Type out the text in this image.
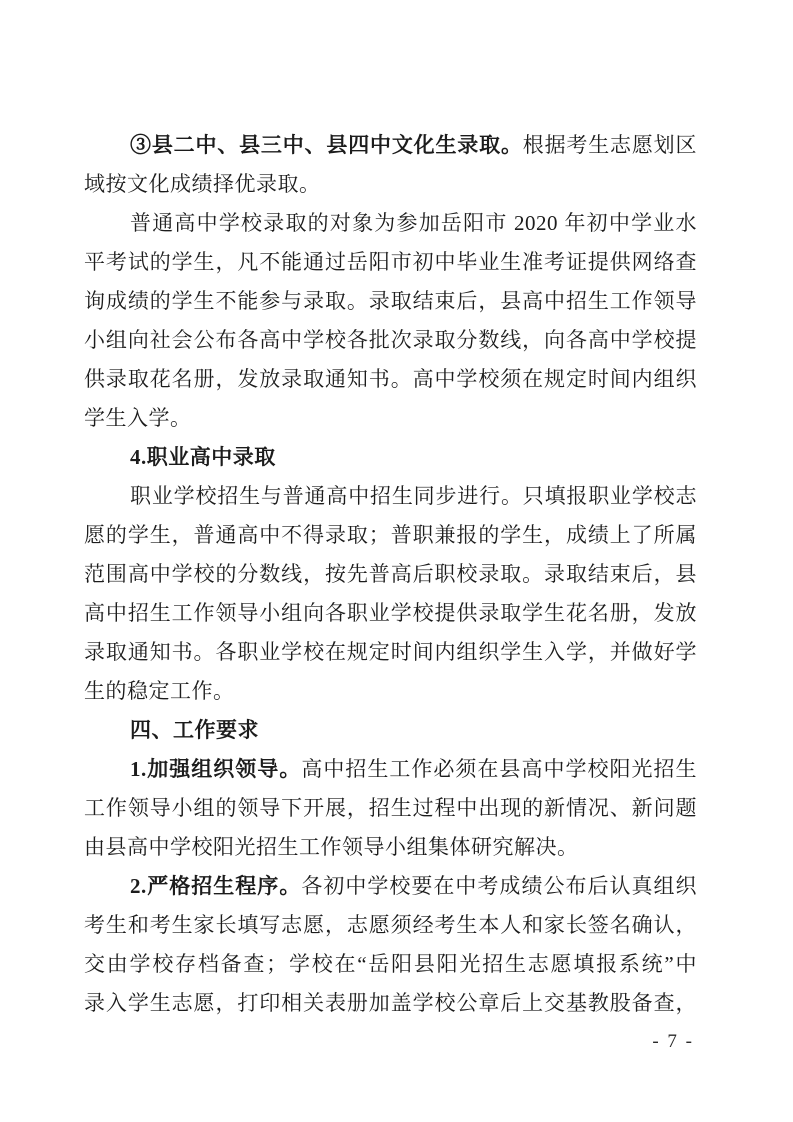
③县二中、县三中、县四中文化生录取。根据考生志愿划区
域按文化成绩择优录取。
普通高中学校录取的对象为参加岳阳市 2020 年初中学业水
平考试的学生，凡不能通过岳阳市初中毕业生准考证提供网络查
询成绩的学生不能参与录取。录取结束后，县高中招生工作领导
小组向社会公布各高中学校各批次录取分数线，向各高中学校提
供录取花名册，发放录取通知书。高中学校须在规定时间内组织
学生入学。
4.职业高中录取
职业学校招生与普通高中招生同步进行。只填报职业学校志
愿的学生，普通高中不得录取；普职兼报的学生，成绩上了所属
范围高中学校的分数线，按先普高后职校录取。录取结束后，县
高中招生工作领导小组向各职业学校提供录取学生花名册，发放
录取通知书。各职业学校在规定时间内组织学生入学，并做好学
生的稳定工作。
四、工作要求
1.加强组织领导。高中招生工作必须在县高中学校阳光招生
工作领导小组的领导下开展，招生过程中出现的新情况、新问题
由县高中学校阳光招生工作领导小组集体研究解决。
2.严格招生程序。各初中学校要在中考成绩公布后认真组织
考生和考生家长填写志愿，志愿须经考生本人和家长签名确认，
交由学校存档备查；学校在“岳阳县阳光招生志愿填报系统”中
录入学生志愿，打印相关表册加盖学校公章后上交基教股备查，
- 7 -
